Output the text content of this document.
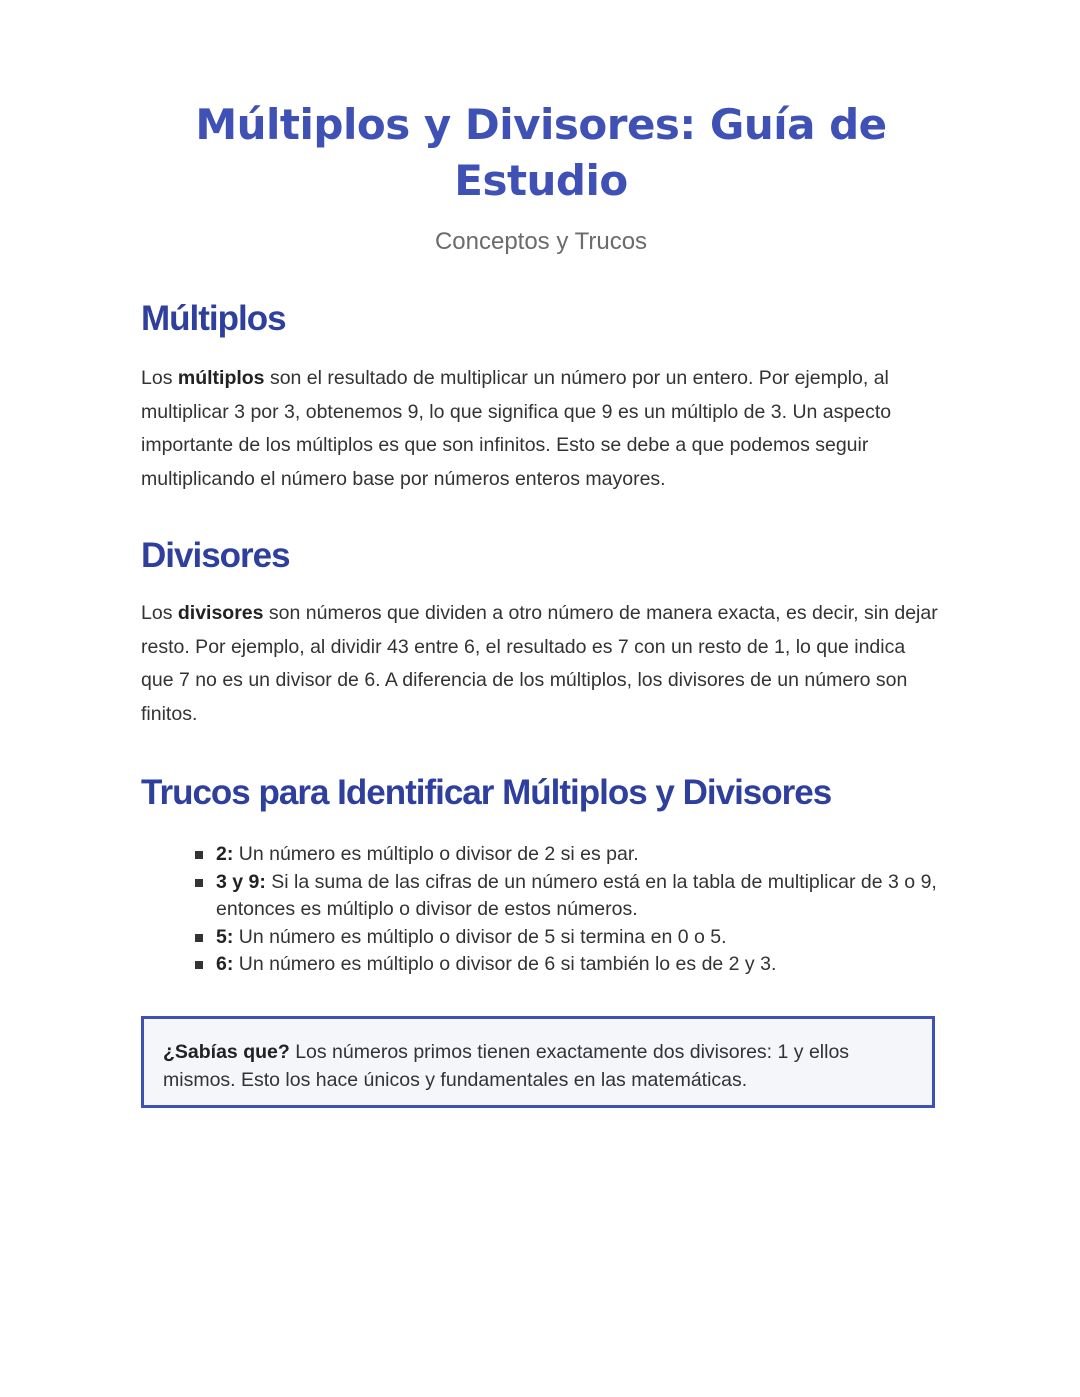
Múltiplos y Divisores: Guía de Estudio
Conceptos y Trucos
Múltiplos

Los múltiplos son el resultado de multiplicar un número por un entero. Por ejemplo, al multiplicar 3 por 3, obtenemos 9, lo que significa que 9 es un múltiplo de 3. Un aspecto importante de los múltiplos es que son infinitos. Esto se debe a que podemos seguir multiplicando el número base por números enteros mayores.

Divisores

Los divisores son números que dividen a otro número de manera exacta, es decir, sin dejar resto. Por ejemplo, al dividir 43 entre 6, el resultado es 7 con un resto de 1, lo que indica que 7 no es un divisor de 6. A diferencia de los múltiplos, los divisores de un número son finitos.

Trucos para Identificar Múltiplos y Divisores
2: Un número es múltiplo o divisor de 2 si es par.
3 y 9: Si la suma de las cifras de un número está en la tabla de multiplicar de 3 o 9, entonces es múltiplo o divisor de estos números.
5: Un número es múltiplo o divisor de 5 si termina en 0 o 5.
6: Un número es múltiplo o divisor de 6 si también lo es de 2 y 3.

¿Sabías que? Los números primos tienen exactamente dos divisores: 1 y ellos mismos. Esto los hace únicos y fundamentales en las matemáticas.
